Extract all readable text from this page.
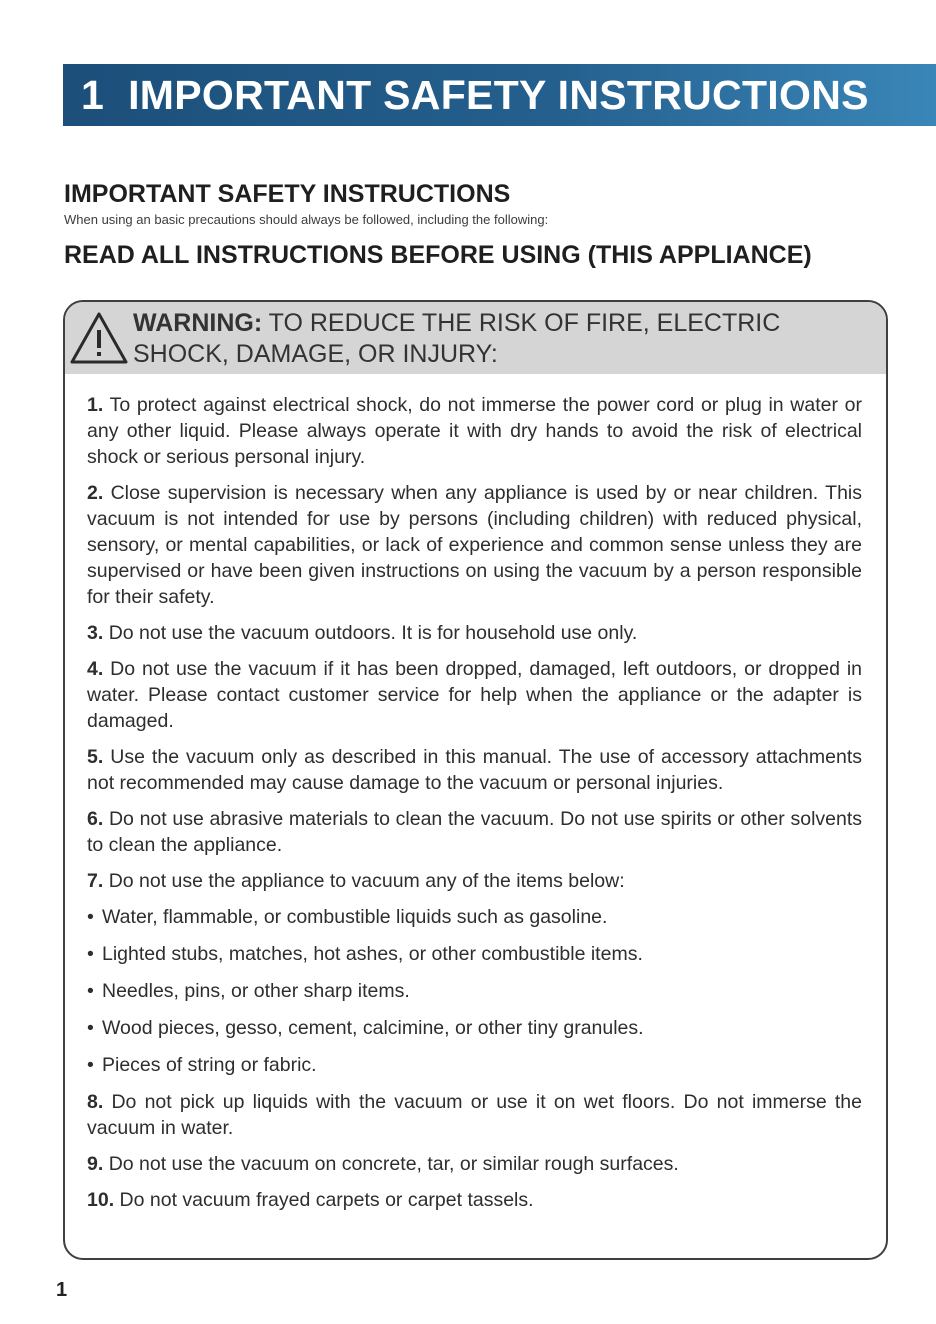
1 IMPORTANT SAFETY INSTRUCTIONS
IMPORTANT SAFETY INSTRUCTIONS

When using an basic precautions should always be followed, including the following:

READ ALL INSTRUCTIONS BEFORE USING (THIS APPLIANCE)
WARNING: TO REDUCE THE RISK OF FIRE, ELECTRIC SHOCK, DAMAGE, OR INJURY:

1. To protect against electrical shock, do not immerse the power cord or plug in water or any other liquid. Please always operate it with dry hands to avoid the risk of electrical shock or serious personal injury.

2. Close supervision is necessary when any appliance is used by or near children. This vacuum is not intended for use by persons (including children) with reduced physical, sensory, or mental capabilities, or lack of experience and common sense unless they are supervised or have been given instructions on using the vacuum by a person responsible for their safety.

3. Do not use the vacuum outdoors. It is for household use only.

4. Do not use the vacuum if it has been dropped, damaged, left outdoors, or dropped in water. Please contact customer service for help when the appliance or the adapter is damaged.

5. Use the vacuum only as described in this manual. The use of accessory attachments not recommended may cause damage to the vacuum or personal injuries.

6. Do not use abrasive materials to clean the vacuum. Do not use spirits or other solvents to clean the appliance.

7. Do not use the appliance to vacuum any of the items below:

• Water, flammable, or combustible liquids such as gasoline.

• Lighted stubs, matches, hot ashes, or other combustible items.

• Needles, pins, or other sharp items.

• Wood pieces, gesso, cement, calcimine, or other tiny granules.

• Pieces of string or fabric.

8. Do not pick up liquids with the vacuum or use it on wet floors. Do not immerse the vacuum in water.

9. Do not use the vacuum on concrete, tar, or similar rough surfaces.

10. Do not vacuum frayed carpets or carpet tassels.

1
